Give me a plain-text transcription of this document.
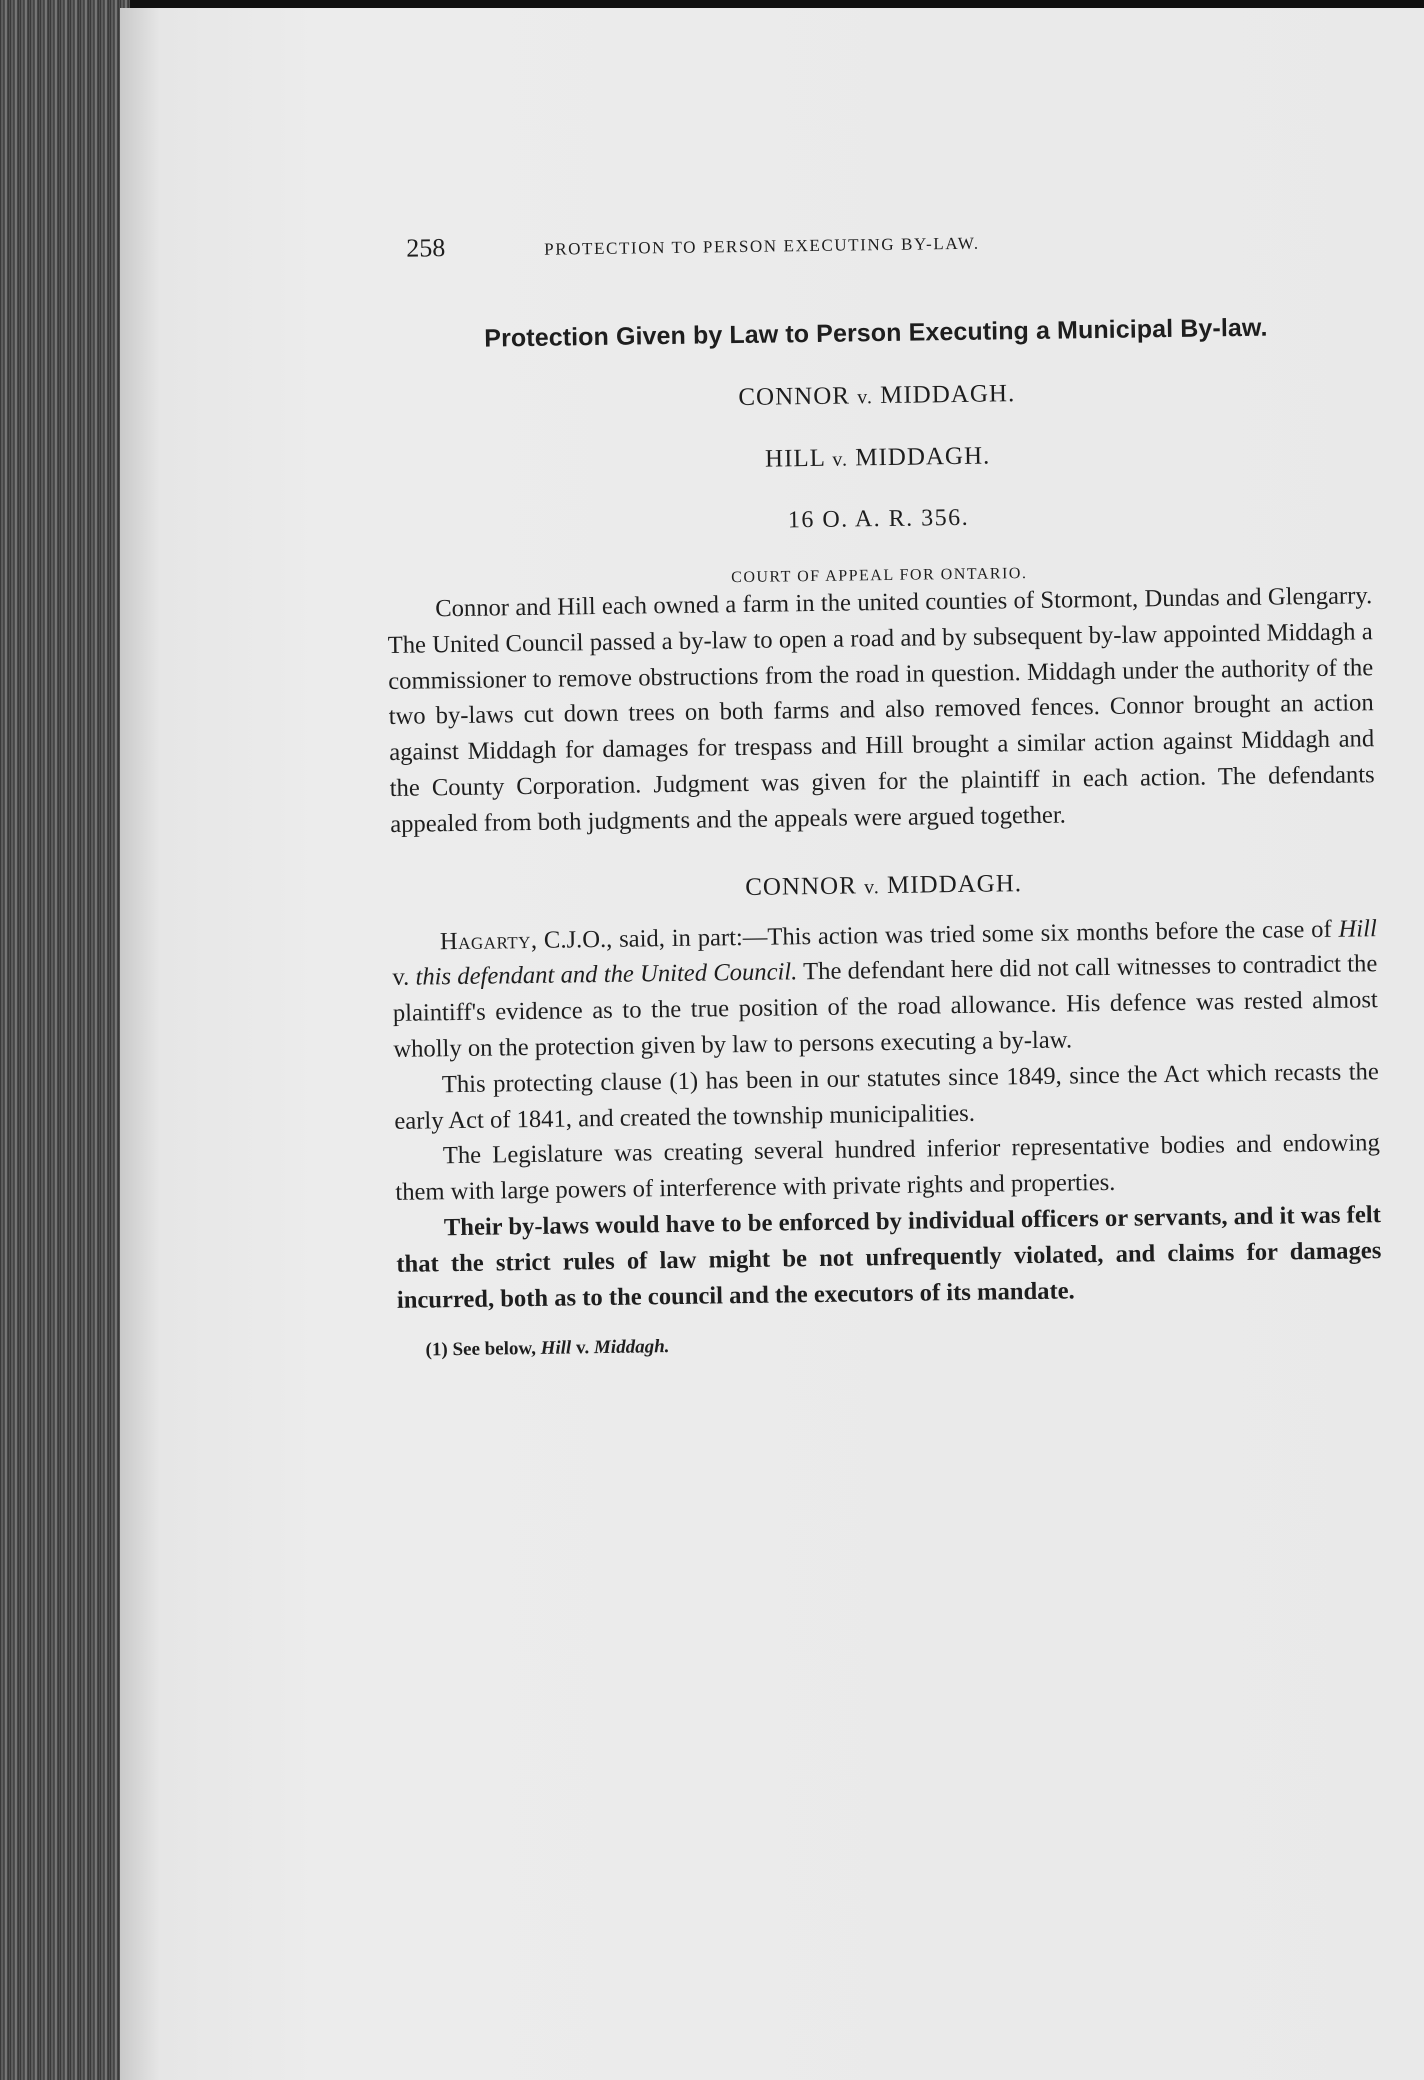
258	PROTECTION TO PERSON EXECUTING BY-LAW.
Protection Given by Law to Person Executing a Municipal By-law.
CONNOR v. MIDDAGH.
HILL v. MIDDAGH.
16 O. A. R. 356.
COURT OF APPEAL FOR ONTARIO.

Connor and Hill each owned a farm in the united counties of Stormont, Dundas and Glengarry. The United Council passed a by-law to open a road and by subsequent by-law appointed Middagh a commissioner to remove obstructions from the road in question. Middagh under the authority of the two by-laws cut down trees on both farms and also removed fences. Connor brought an action against Middagh for damages for trespass and Hill brought a similar action against Middagh and the County Corporation. Judgment was given for the plaintiff in each action. The defendants appealed from both judgments and the appeals were argued together.

CONNOR v. MIDDAGH.

Hagarty, C.J.O., said, in part:—This action was tried some six months before the case of Hill v. this defendant and the United Council. The defendant here did not call witnesses to contradict the plaintiff's evidence as to the true position of the road allowance. His defence was rested almost wholly on the protection given by law to persons executing a by-law.

This protecting clause (1) has been in our statutes since 1849, since the Act which recasts the early Act of 1841, and created the township municipalities.

The Legislature was creating several hundred inferior representative bodies and endowing them with large powers of interference with private rights and properties.

Their by-laws would have to be enforced by individual officers or servants, and it was felt that the strict rules of law might be not unfrequently violated, and claims for damages incurred, both as to the council and the executors of its mandate.

(1) See below, Hill v. Middagh.
